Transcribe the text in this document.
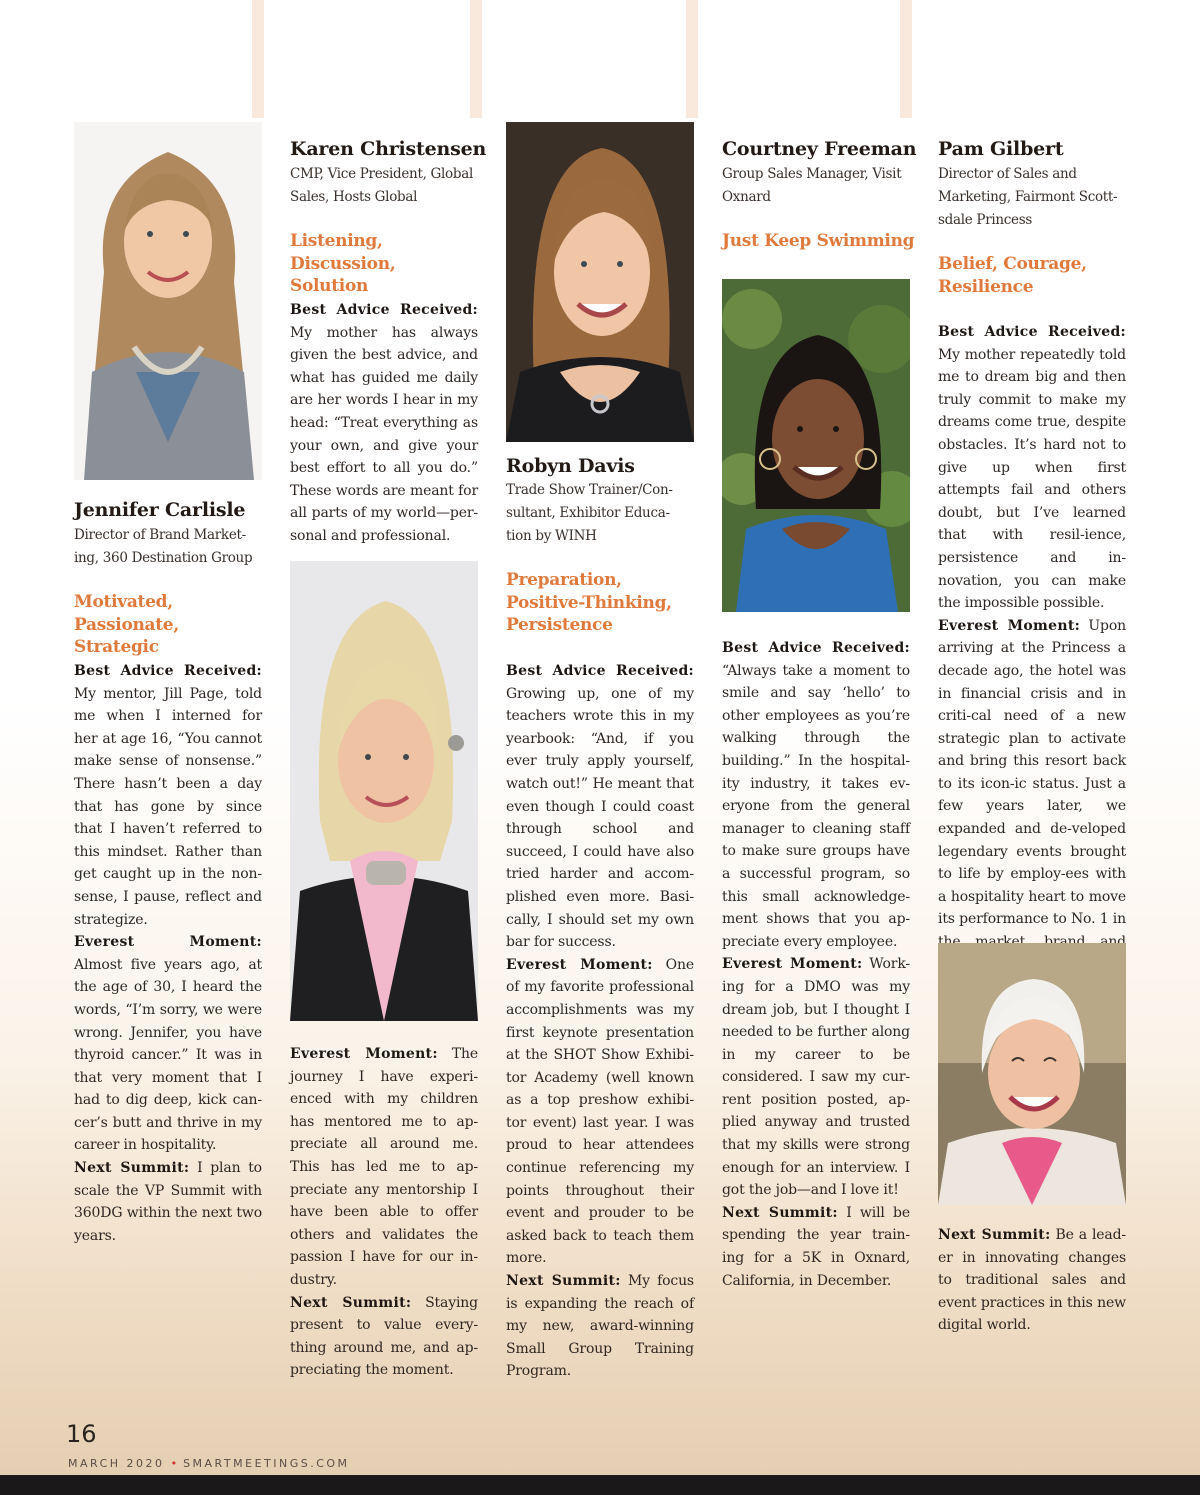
Jennifer Carlisle
Director of Brand Market-ing, 360 Destination Group
Motivated, Passionate, Strategic

Best Advice Received: My mentor, Jill Page, told me when I interned for her at age 16, “You cannot make sense of nonsense.” There hasn’t been a day that has gone by since that I haven’t referred to this mindset. Rather than get caught up in the non-sense, I pause, reflect and strategize.

Everest Moment: Almost five years ago, at the age of 30, I heard the words, “I’m sorry, we were wrong. Jennifer, you have thyroid cancer.” It was in that very moment that I had to dig deep, kick can-cer’s butt and thrive in my career in hospitality.

Next Summit: I plan to scale the VP Summit with 360DG within the next two years.

Karen Christensen
CMP, Vice President, Global Sales, Hosts Global
Listening, Discussion, Solution

Best Advice Received: My mother has always given the best advice, and what has guided me daily are her words I hear in my head: “Treat everything as your own, and give your best effort to all you do.” These words are meant for all parts of my world—per-sonal and professional.

Everest Moment: The journey I have experi-enced with my children has mentored me to ap-preciate all around me. This has led me to ap-preciate any mentorship I have been able to offer others and validates the passion I have for our in-dustry.

Next Summit: Staying present to value every-thing around me, and ap-preciating the moment.

Robyn Davis
Trade Show Trainer/Con-sultant, Exhibitor Educa-tion by WINH
Preparation, Positive-Thinking, Persistence

Best Advice Received: Growing up, one of my teachers wrote this in my yearbook: “And, if you ever truly apply yourself, watch out!” He meant that even though I could coast through school and succeed, I could have also tried harder and accom-plished even more. Basi-cally, I should set my own bar for success.

Everest Moment: One of my favorite professional accomplishments was my first keynote presentation at the SHOT Show Exhibi-tor Academy (well known as a top preshow exhibi-tor event) last year. I was proud to hear attendees continue referencing my points throughout their event and prouder to be asked back to teach them more.

Next Summit: My focus is expanding the reach of my new, award-winning Small Group Training Program.

Courtney Freeman
Group Sales Manager, Visit Oxnard
Just Keep Swimming

Best Advice Received: “Always take a moment to smile and say ‘hello’ to other employees as you’re walking through the building.” In the hospital-ity industry, it takes ev-eryone from the general manager to cleaning staff to make sure groups have a successful program, so this small acknowledge-ment shows that you ap-preciate every employee.

Everest Moment: Work-ing for a DMO was my dream job, but I thought I needed to be further along in my career to be considered. I saw my cur-rent position posted, ap-plied anyway and trusted that my skills were strong enough for an interview. I got the job—and I love it!

Next Summit: I will be spending the year train-ing for a 5K in Oxnard, California, in December.

Pam Gilbert
Director of Sales and Marketing, Fairmont Scott-sdale Princess
Belief, Courage, Resilience

Best Advice Received: My mother repeatedly told me to dream big and then truly commit to make my dreams come true, despite obstacles. It’s hard not to give up when first attempts fail and others doubt, but I’ve learned that with resil-ience, persistence and in-novation, you can make the impossible possible.

Everest Moment: Upon arriving at the Princess a decade ago, the hotel was in financial crisis and in criti-cal need of a new strategic plan to activate and bring this resort back to its icon-ic status. Just a few years later, we expanded and de-veloped legendary events brought to life by employ-ees with a hospitality heart to move its performance to No. 1 in

Next Summit: Be a lead-er in innovating changes to traditional sales and event practices in this new digital world.

16
MARCH 2020 • SMARTMEETINGS.COM
